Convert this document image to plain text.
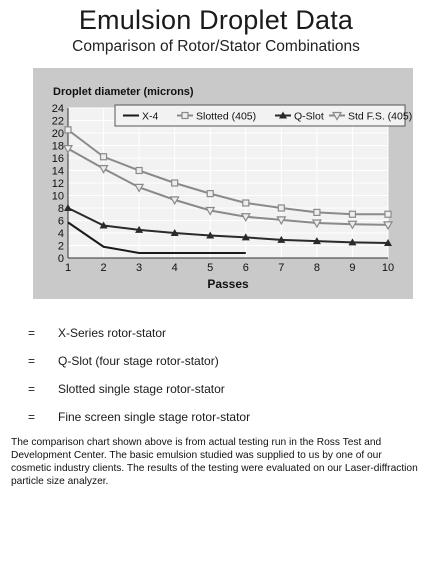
Emulsion Droplet Data
Comparison of Rotor/Stator Combinations
0
2
4
6
8
10
12
14
16
18
20
22
24
1	2	3	4	5	6	7	8	9 10
Droplet diameter (microns)
Passes
X-4	Slotted (405)	Q-Slot Std F.S. (405)
= X-Series rotor-stator
= Q-Slot (four stage rotor-stator)
= Slotted single stage rotor-stator
= Fine screen single stage rotor-stator
The comparison chart shown above is from actual testing run in the Ross Test and Development Center. The basic emulsion studied was supplied to us by one of our cosmetic industry clients. The results of the testing were evaluated on our Laser-diffraction particle size analyzer.
